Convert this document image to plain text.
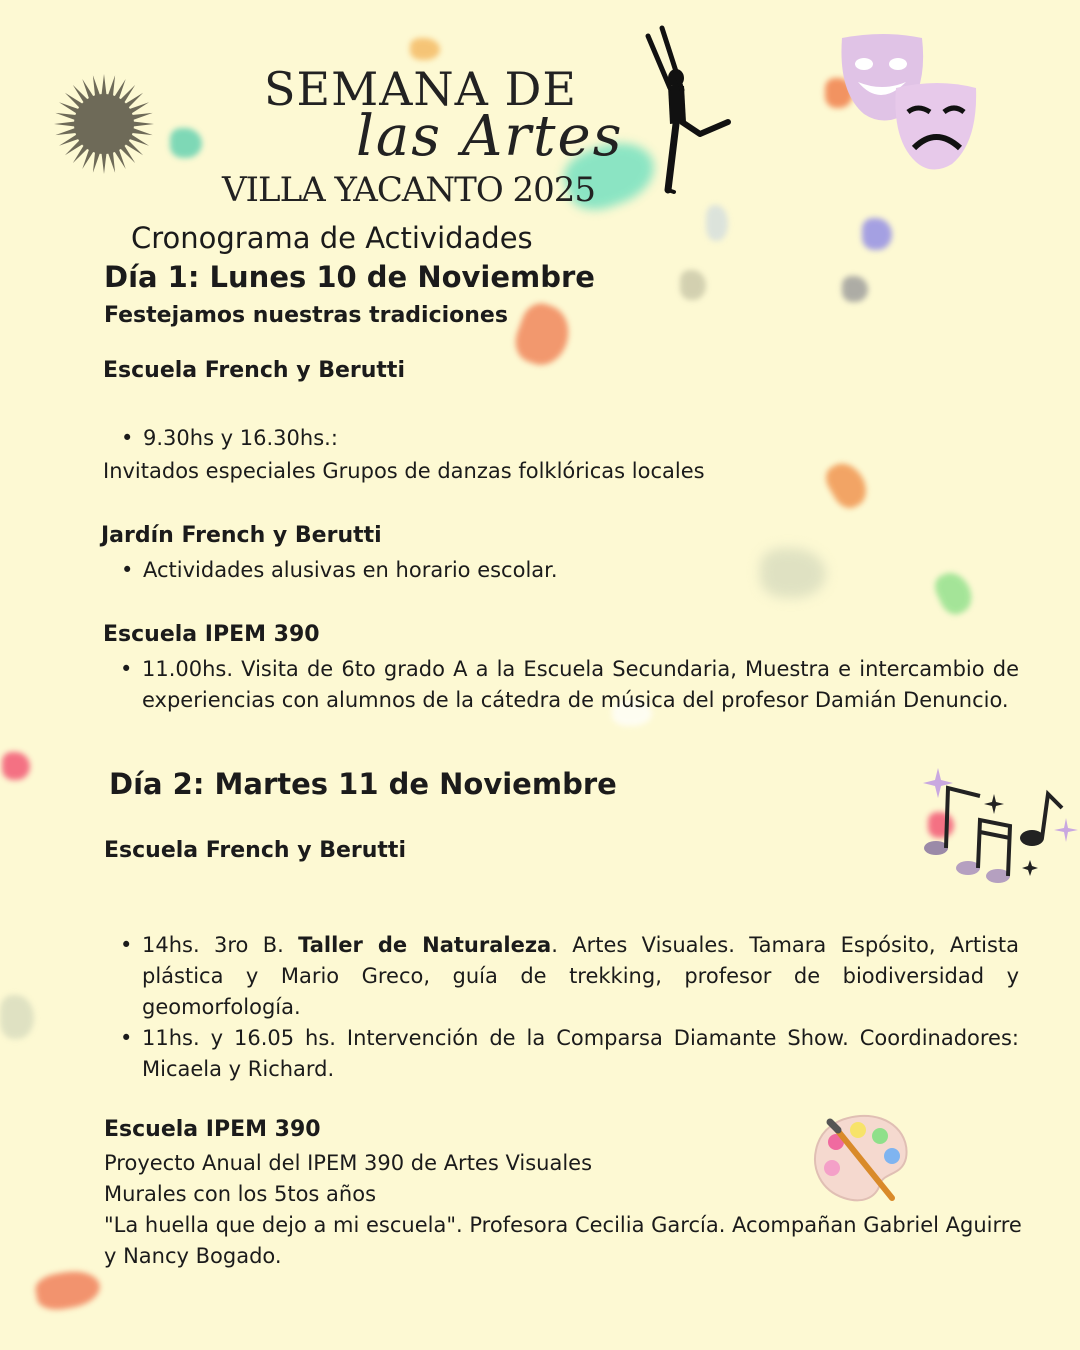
SEMANA DE
las Artes
VILLA YACANTO 2025
Cronograma de Actividades
Día 1: Lunes 10 de Noviembre
Festejamos nuestras tradiciones
Escuela French y Berutti
• 9.30hs y 16.30hs.:
Invitados especiales Grupos de danzas folklóricas locales
Jardín French y Berutti
• Actividades alusivas en horario escolar.
Escuela IPEM 390
• 11.00hs. Visita de 6to grado A a la Escuela Secundaria, Muestra e intercambio de experiencias con alumnos de la cátedra de música del profesor Damián Denuncio.
Día 2: Martes 11 de Noviembre
Escuela French y Berutti
• 14hs. 3ro B. Taller de Naturaleza. Artes Visuales. Tamara Espósito, Artista plástica y Mario Greco, guía de trekking, profesor de biodiversidad y geomorfología.
• 11hs. y 16.05 hs. Intervención de la Comparsa Diamante Show. Coordinadores: Micaela y Richard.
Escuela IPEM 390
Proyecto Anual del IPEM 390 de Artes Visuales
Murales con los 5tos años
"La huella que dejo a mi escuela". Profesora Cecilia García. Acompañan Gabriel Aguirre y Nancy Bogado.
